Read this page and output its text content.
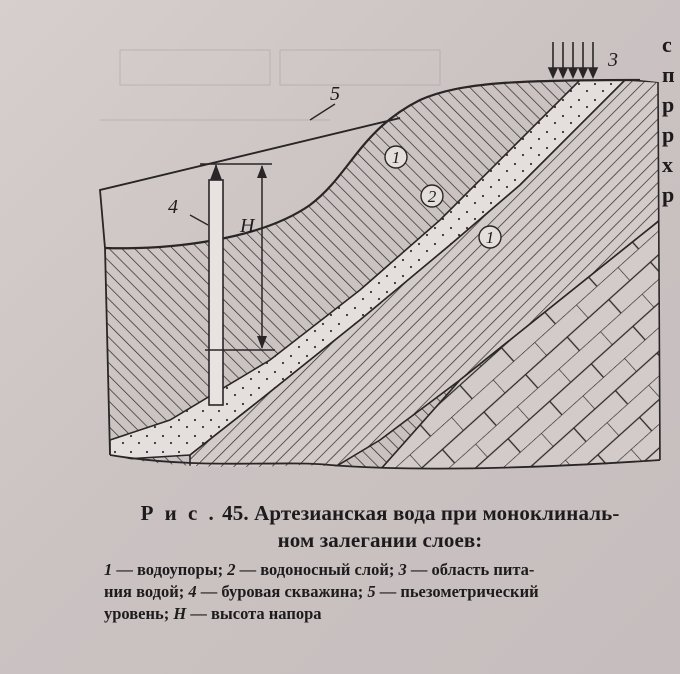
5
3
4
H
1
2
1
с
п
р
р
х
р
Р и с . 45. Артезианская вода при моноклиналь-
ном залегании слоев:
1 — водоупоры; 2 — водоносный слой; 3 — область пита-
ния водой; 4 — буровая скважина; 5 — пьезометрический
уровень; Н — высота напора
